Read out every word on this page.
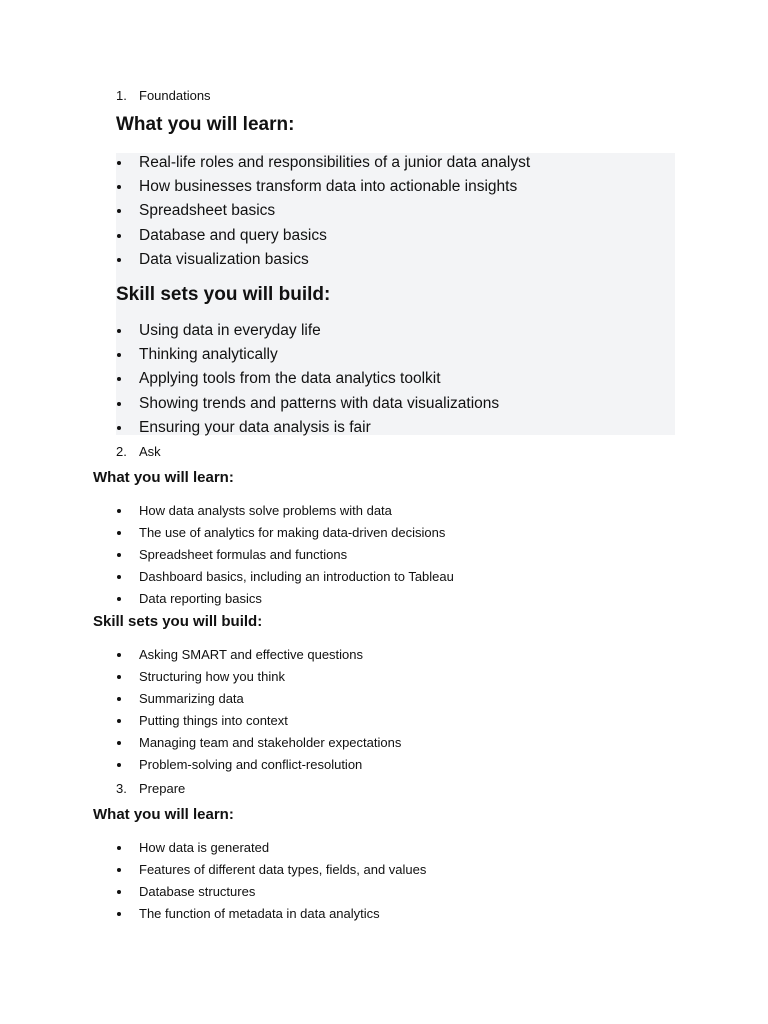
1. Foundations
What you will learn:
Real-life roles and responsibilities of a junior data analyst
How businesses transform data into actionable insights
Spreadsheet basics
Database and query basics
Data visualization basics
Skill sets you will build:
Using data in everyday life
Thinking analytically
Applying tools from the data analytics toolkit
Showing trends and patterns with data visualizations
Ensuring your data analysis is fair
2. Ask
What you will learn:
How data analysts solve problems with data
The use of analytics for making data-driven decisions
Spreadsheet formulas and functions
Dashboard basics, including an introduction to Tableau
Data reporting basics
Skill sets you will build:
Asking SMART and effective questions
Structuring how you think
Summarizing data
Putting things into context
Managing team and stakeholder expectations
Problem-solving and conflict-resolution
3. Prepare
What you will learn:
How data is generated
Features of different data types, fields, and values
Database structures
The function of metadata in data analytics
